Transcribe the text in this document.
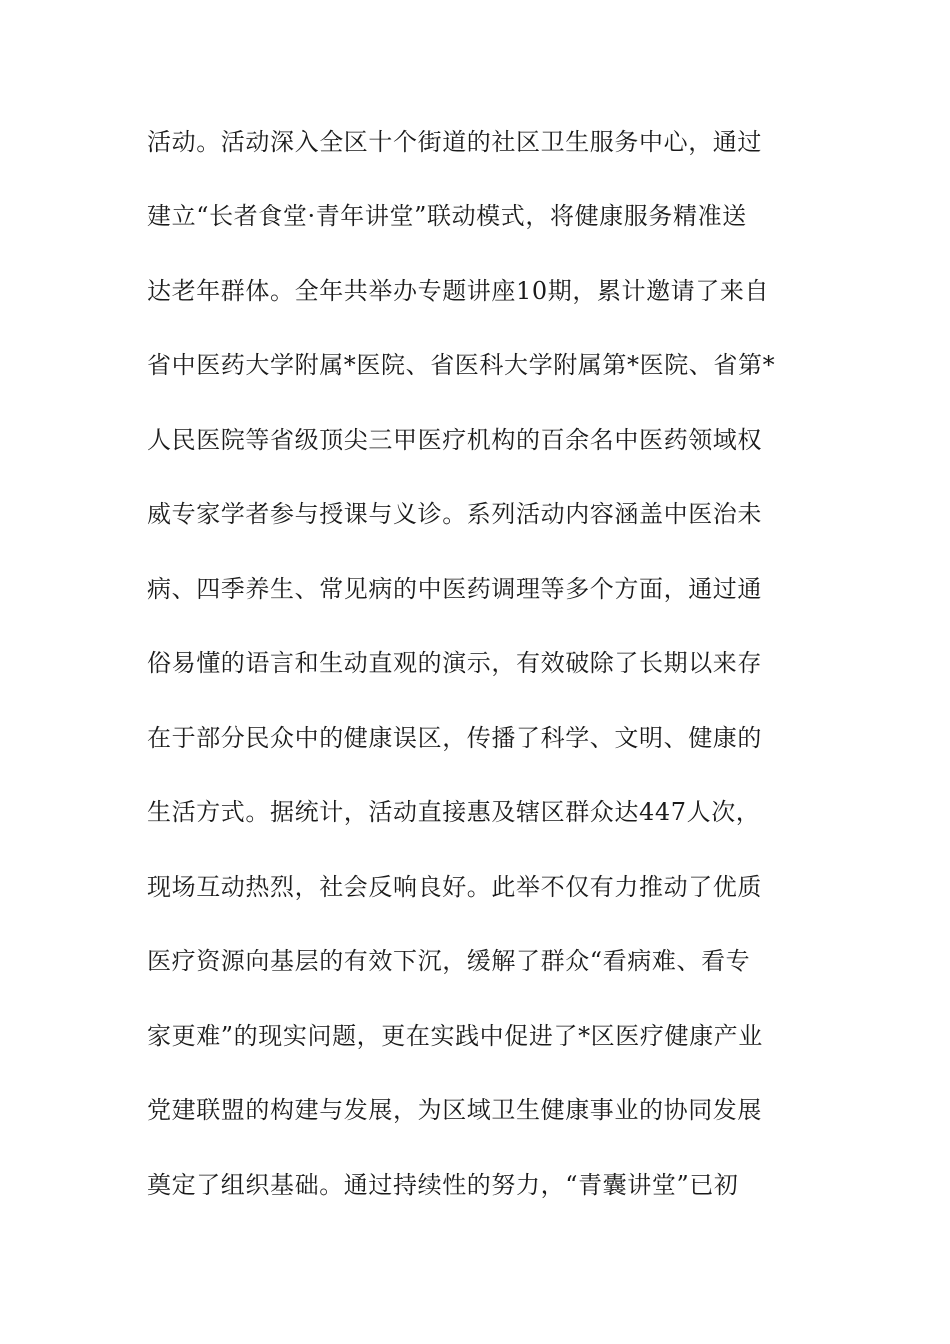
活动。活动深入全区十个街道的社区卫生服务中心，通过
建立“长者食堂·青年讲堂”联动模式，将健康服务精准送
达老年群体。全年共举办专题讲座10期，累计邀请了来自
省中医药大学附属*医院、省医科大学附属第*医院、省第*
人民医院等省级顶尖三甲医疗机构的百余名中医药领域权
威专家学者参与授课与义诊。系列活动内容涵盖中医治未
病、四季养生、常见病的中医药调理等多个方面，通过通
俗易懂的语言和生动直观的演示，有效破除了长期以来存
在于部分民众中的健康误区，传播了科学、文明、健康的
生活方式。据统计，活动直接惠及辖区群众达447人次，
现场互动热烈，社会反响良好。此举不仅有力推动了优质
医疗资源向基层的有效下沉，缓解了群众“看病难、看专
家更难”的现实问题，更在实践中促进了*区医疗健康产业
党建联盟的构建与发展，为区域卫生健康事业的协同发展
奠定了组织基础。通过持续性的努力，“青囊讲堂”已初
